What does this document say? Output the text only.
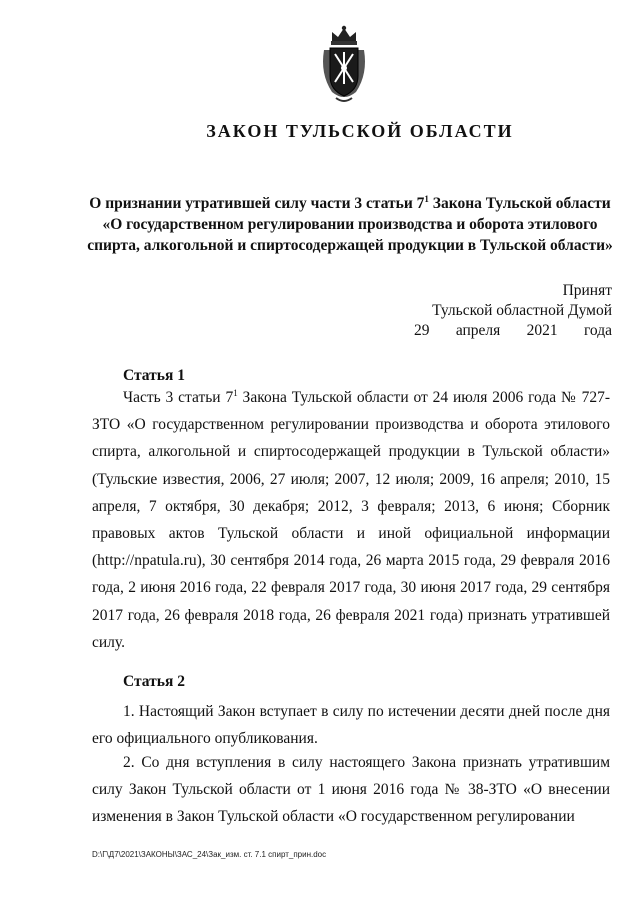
ЗАКОН ТУЛЬСКОЙ ОБЛАСТИ
О признании утратившей силу части 3 статьи $7^1$ Закона Тульской области «О государственном регулировании производства и оборота этилового спирта, алкогольной и спиртосодержащей продукции в Тульской области»
Принят
Тульской областной Думой
29 апреля 2021 года
Статья 1
Часть 3 статьи $7^1$ Закона Тульской области от 24 июля 2006 года № 727-ЗТО «О государственном регулировании производства и оборота этилового спирта, алкогольной и спиртосодержащей продукции в Тульской области» (Тульские известия, 2006, 27 июля; 2007, 12 июля; 2009, 16 апреля; 2010, 15 апреля, 7 октября, 30 декабря; 2012, 3 февраля; 2013, 6 июня; Сборник правовых актов Тульской области и иной официальной информации (http://npatula.ru), 30 сентября 2014 года, 26 марта 2015 года, 29 февраля 2016 года, 2 июня 2016 года, 22 февраля 2017 года, 30 июня 2017 года, 29 сентября 2017 года, 26 февраля 2018 года, 26 февраля 2021 года) признать утратившей силу.
Статья 2
1. Настоящий Закон вступает в силу по истечении десяти дней после дня его официального опубликования.
2. Со дня вступления в силу настоящего Закона признать утратившим силу Закон Тульской области от 1 июня 2016 года № 38-ЗТО «О внесении изменения в Закон Тульской области «О государственном регулировании
D:\Г\Д7\2021\ЗАКОНЫ\ЗАС_24\Зак_изм. ст. 7.1 спирт_прин.doc
